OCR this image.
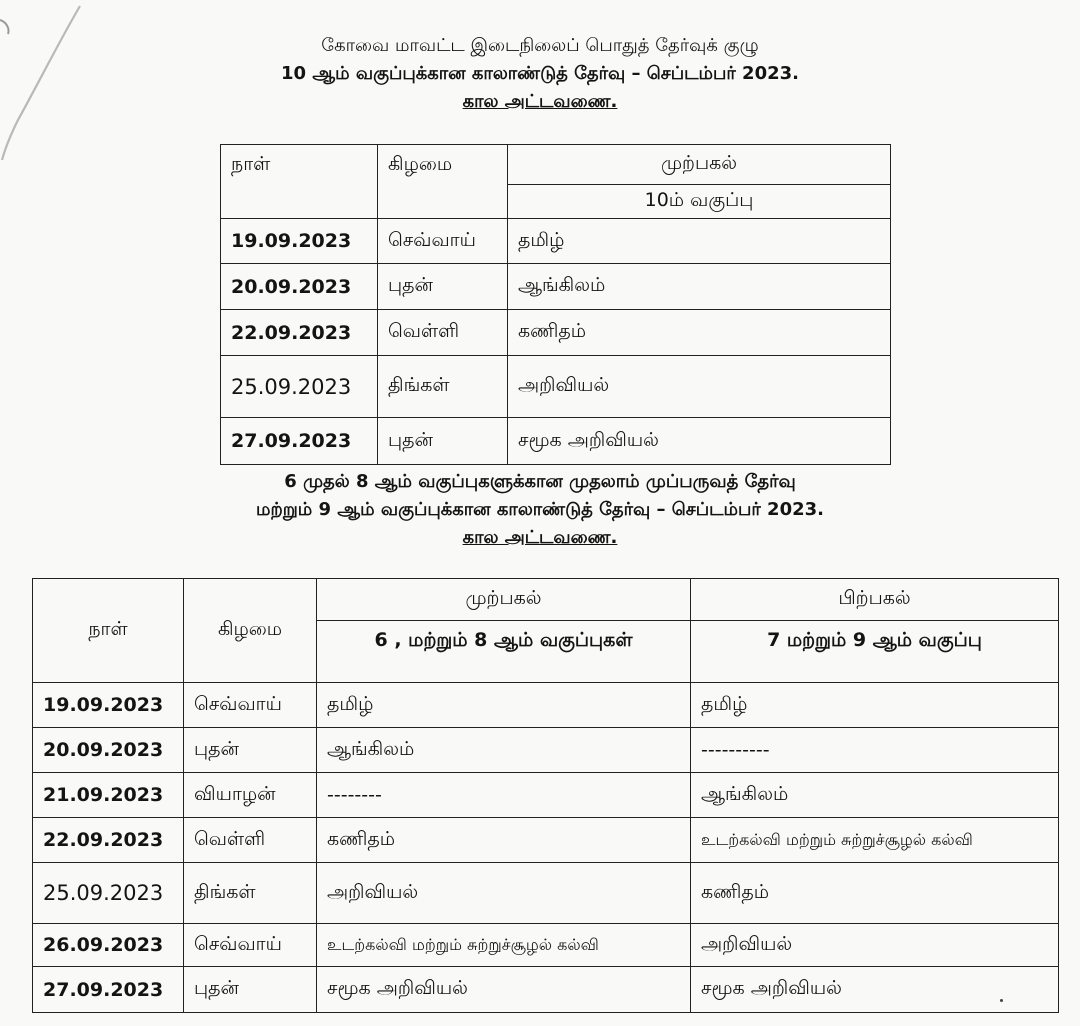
கோவை மாவட்ட இடைநிலைப் பொதுத் தேர்வுக் குழு
10 ஆம் வகுப்புக்கான காலாண்டுத் தேர்வு – செப்டம்பர் 2023.
கால அட்டவணை.
நாள்	கிழமை	முற்பகல்
		10ம் வகுப்பு
19.09.2023	செவ்வாய்	தமிழ்
20.09.2023	புதன்	ஆங்கிலம்
22.09.2023	வெள்ளி	கணிதம்
25.09.2023	திங்கள்	அறிவியல்
27.09.2023	புதன்	சமூக அறிவியல்
6 முதல் 8 ஆம் வகுப்புகளுக்கான முதலாம் முப்பருவத் தேர்வு
மற்றும் 9 ஆம் வகுப்புக்கான காலாண்டுத் தேர்வு – செப்டம்பர் 2023.
கால அட்டவணை.
நாள்	கிழமை	முற்பகல்	பிற்பகல்
		6 , மற்றும் 8 ஆம் வகுப்புகள்	7 மற்றும் 9 ஆம் வகுப்பு
19.09.2023	செவ்வாய்	தமிழ்	தமிழ்
20.09.2023	புதன்	ஆங்கிலம்	----------
21.09.2023	வியாழன்	--------	ஆங்கிலம்
22.09.2023	வெள்ளி	கணிதம்	உடற்கல்வி மற்றும் சுற்றுச்சூழல் கல்வி
25.09.2023	திங்கள்	அறிவியல்	கணிதம்
26.09.2023	செவ்வாய்	உடற்கல்வி மற்றும் சுற்றுச்சூழல் கல்வி	அறிவியல்
27.09.2023	புதன்	சமூக அறிவியல்	சமூக அறிவியல்
